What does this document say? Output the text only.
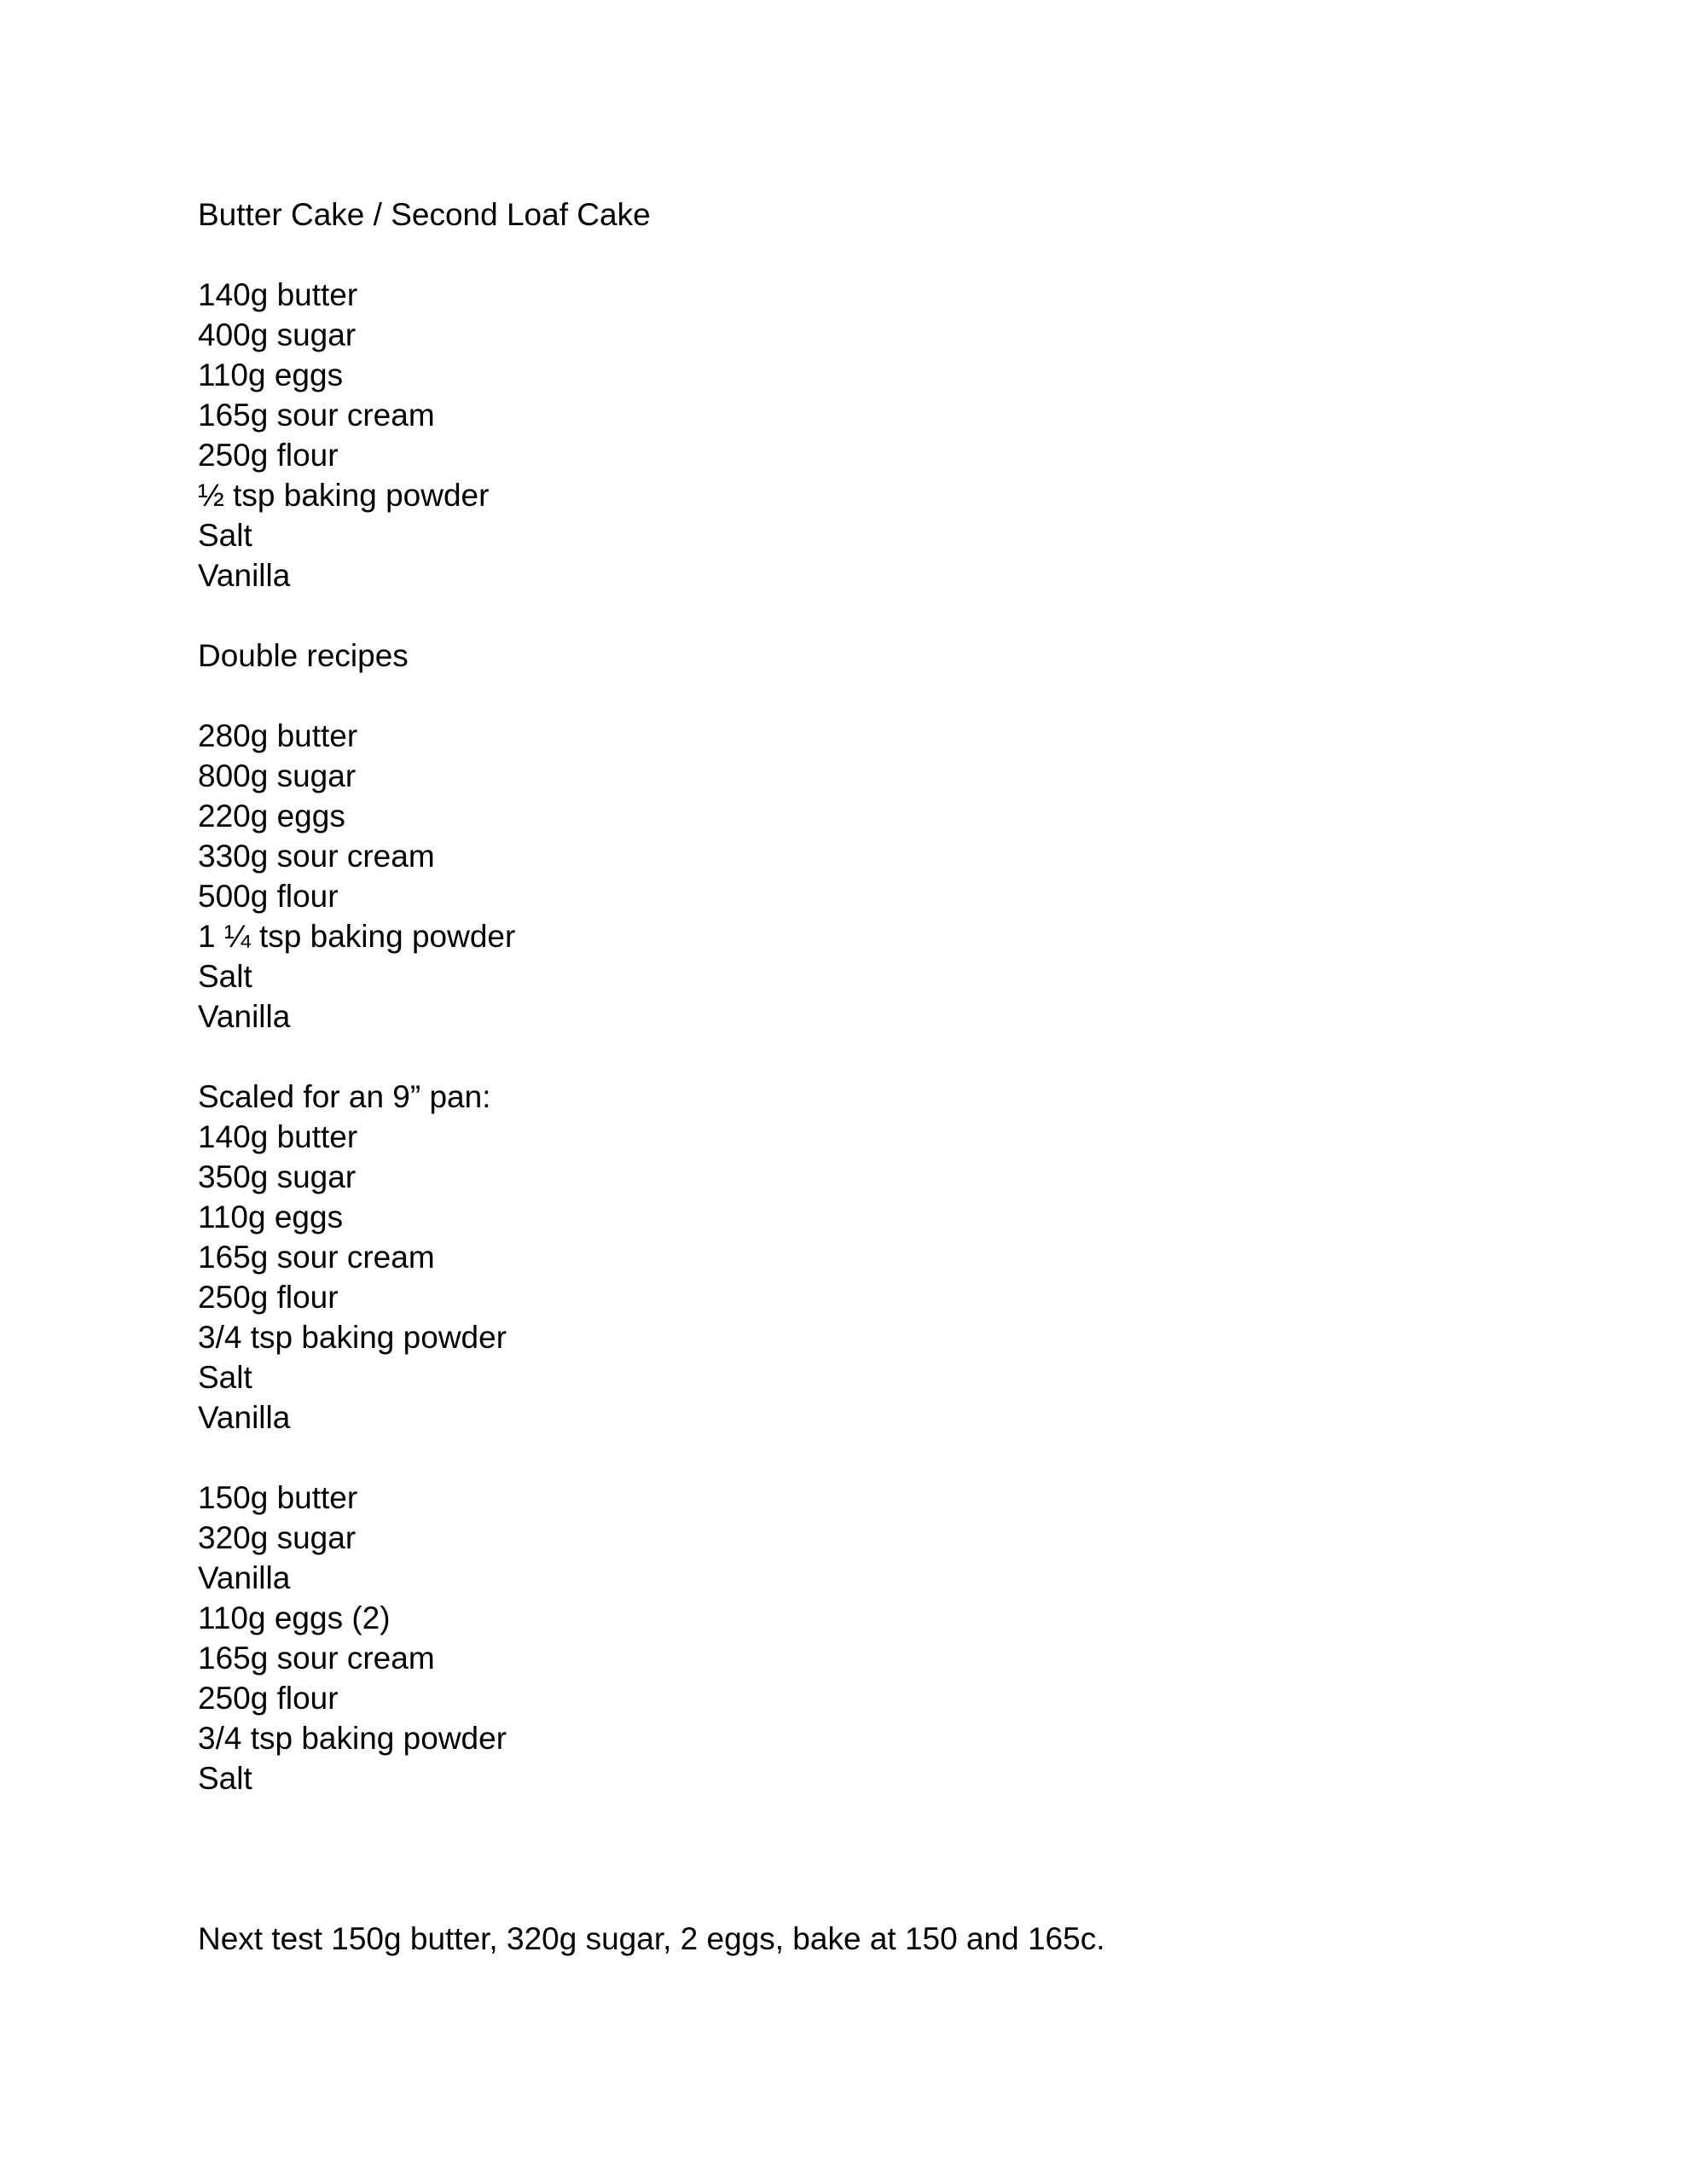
Butter Cake / Second Loaf Cake
140g butter
400g sugar
110g eggs
165g sour cream
250g flour
½ tsp baking powder
Salt
Vanilla
Double recipes
280g butter
800g sugar
220g eggs
330g sour cream
500g flour
1 ¼ tsp baking powder
Salt
Vanilla
Scaled for an 9” pan:
140g butter
350g sugar
110g eggs
165g sour cream
250g flour
3/4 tsp baking powder
Salt
Vanilla
150g butter
320g sugar
Vanilla
110g eggs (2)
165g sour cream
250g flour
3/4 tsp baking powder
Salt
Next test 150g butter, 320g sugar, 2 eggs, bake at 150 and 165c.
